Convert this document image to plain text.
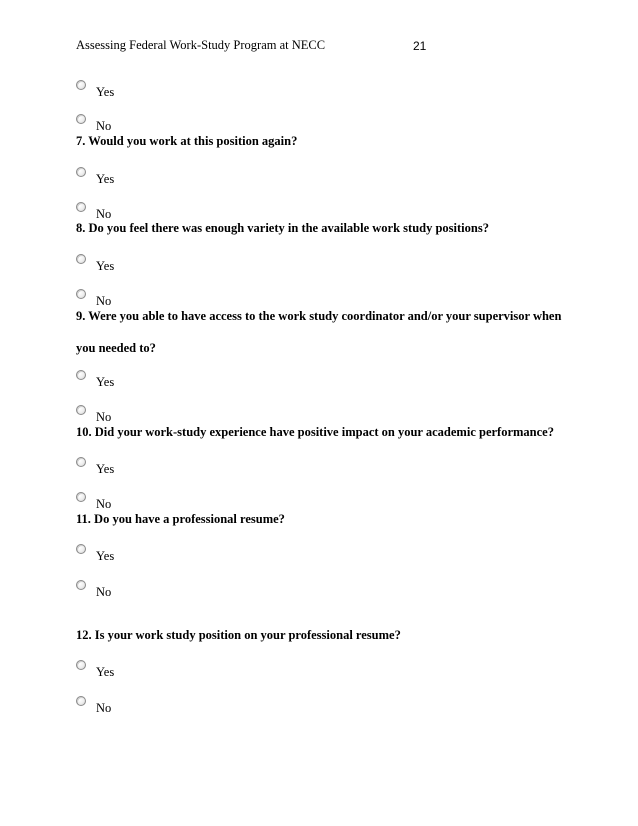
Assessing Federal Work-Study Program at NECC	21
Yes
No
7. Would you work at this position again?
Yes
No
8. Do you feel there was enough variety in the available work study positions?
Yes
No
9. Were you able to have access to the work study coordinator and/or your supervisor when
you needed to?
Yes
No
10. Did your work-study experience have positive impact on your academic performance?
Yes
No
11. Do you have a professional resume?
Yes
No
12. Is your work study position on your professional resume?
Yes
No
